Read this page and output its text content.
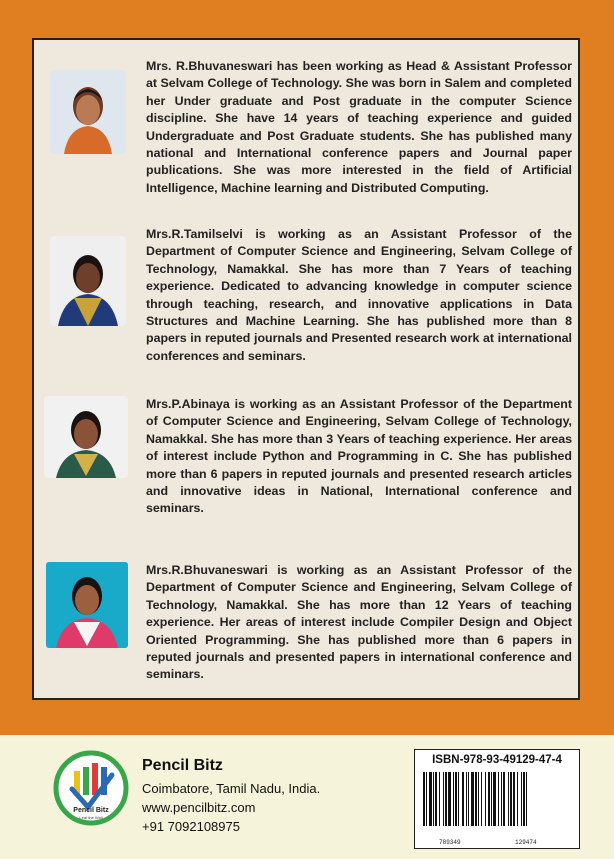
Mrs. R.Bhuvaneswari has been working as Head & Assistant Professor at Selvam College of Technology. She was born in Salem and completed her Under graduate and Post graduate in the computer Science discipline. She have 14 years of teaching experience and guided Undergraduate and Post Graduate students. She has published many national and International conference papers and Journal paper publications. She was more interested in the field of Artificial Intelligence, Machine learning and Distributed Computing.
Mrs.R.Tamilselvi is working as an Assistant Professor of the Department of Computer Science and Engineering, Selvam College of Technology, Namakkal. She has more than 7 Years of teaching experience. Dedicated to advancing knowledge in computer science through teaching, research, and innovative applications in Data Structures and Machine Learning. She has published more than 8 papers in reputed journals and Presented research work at international conferences and seminars.
Mrs.P.Abinaya is working as an Assistant Professor of the Department of Computer Science and Engineering, Selvam College of Technology, Namakkal. She has more than 3 Years of teaching experience. Her areas of interest include Python and Programming in C. She has published more than 6 papers in reputed journals and presented research articles and innovative ideas in National, International conference and seminars.
Mrs.R.Bhuvaneswari is working as an Assistant Professor of the Department of Computer Science and Engineering, Selvam College of Technology, Namakkal. She has more than 12 Years of teaching experience. Her areas of interest include Compiler Design and Object Oriented Programming. She has published more than 6 papers in reputed journals and presented papers in international conference and seminars.
Pencil Bitz
Leaf the Wall
Pencil Bitz
Coimbatore, Tamil Nadu, India.
www.pencilbitz.com
+91 7092108975
ISBN-978-93-49129-47-4
789349	129474
